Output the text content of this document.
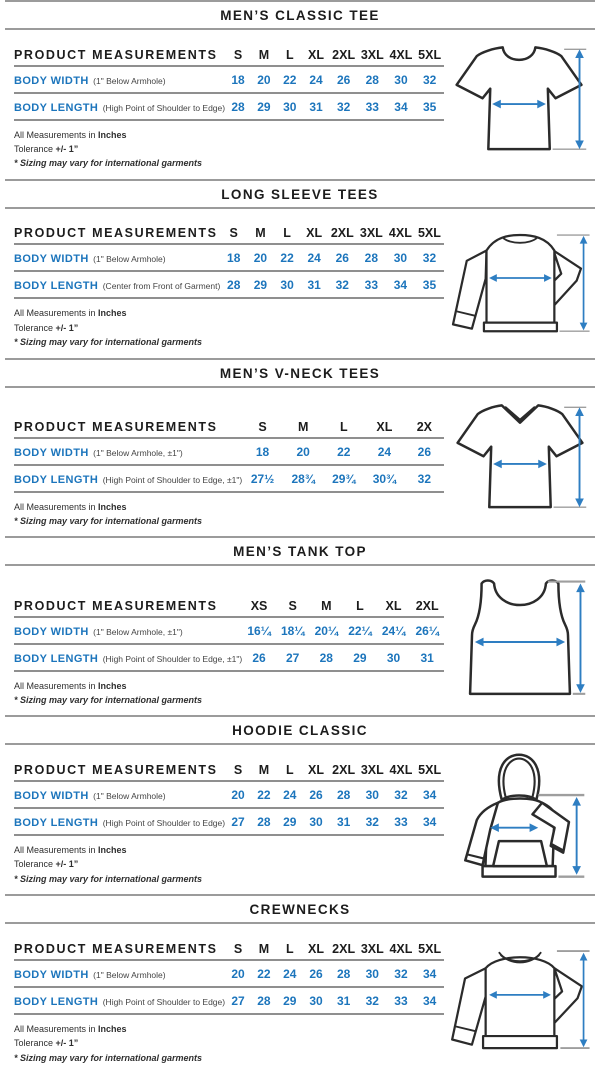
MEN’S CLASSIC TEE
PRODUCT MEASUREMENTS	S	M	L	XL	2XL	3XL	4XL	5XL
BODY WIDTH (1" Below Armhole)	18	20	22	24	26	28	30	32
BODY LENGTH (High Point of Shoulder to Edge)	28	29	30	31	32	33	34	35
All Measurements in Inches
Tolerance +/- 1”
* Sizing may vary for international garments
LONG SLEEVE TEES
PRODUCT MEASUREMENTS	S	M	L	XL	2XL	3XL	4XL	5XL
BODY WIDTH (1" Below Armhole)	18	20	22	24	26	28	30	32
BODY LENGTH (Center from Front of Garment)	28	29	30	31	32	33	34	35
All Measurements in Inches
Tolerance +/- 1”
* Sizing may vary for international garments
MEN’S V-NECK TEES
PRODUCT MEASUREMENTS	S	M	L	XL	2X
BODY WIDTH (1" Below Armhole, ±1")	18	20	22	24	26
BODY LENGTH (High Point of Shoulder to Edge, ±1")	27½	28¾	29¾	30¾	32
All Measurements in Inches
* Sizing may vary for international garments
MEN’S TANK TOP
PRODUCT MEASUREMENTS	XS	S	M	L	XL	2XL
BODY WIDTH (1" Below Armhole, ±1")	16¼	18¼	20¼	22¼	24¼	26¼
BODY LENGTH (High Point of Shoulder to Edge, ±1")	26	27	28	29	30	31
All Measurements in Inches
* Sizing may vary for international garments
HOODIE CLASSIC
PRODUCT MEASUREMENTS	S	M	L	XL	2XL	3XL	4XL	5XL
BODY WIDTH (1" Below Armhole)	20	22	24	26	28	30	32	34
BODY LENGTH (High Point of Shoulder to Edge)	27	28	29	30	31	32	33	34
All Measurements in Inches
Tolerance +/- 1”
* Sizing may vary for international garments
CREWNECKS
PRODUCT MEASUREMENTS	S	M	L	XL	2XL	3XL	4XL	5XL
BODY WIDTH (1" Below Armhole)	20	22	24	26	28	30	32	34
BODY LENGTH (High Point of Shoulder to Edge)	27	28	29	30	31	32	33	34
All Measurements in Inches
Tolerance +/- 1”
* Sizing may vary for international garments
